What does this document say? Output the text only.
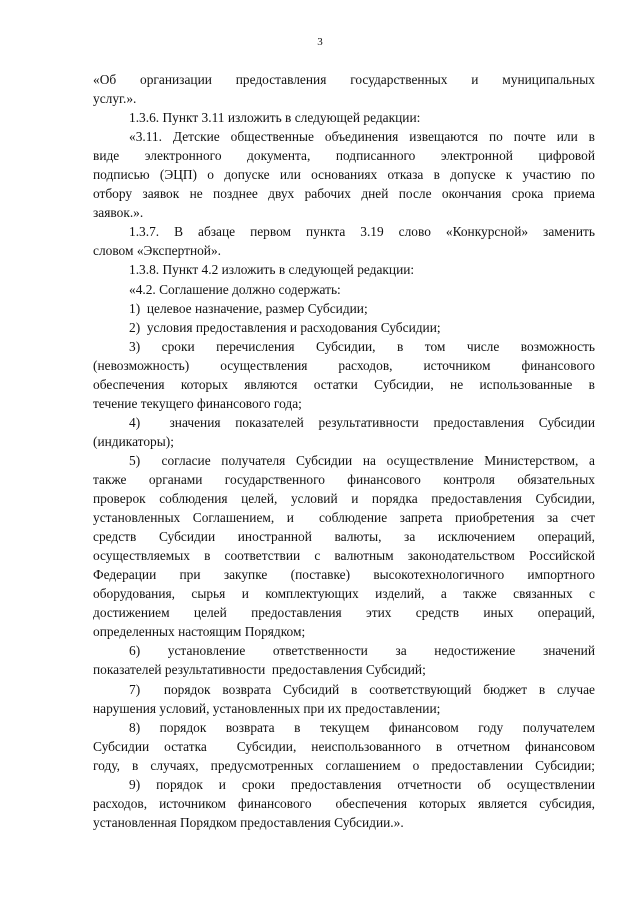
3
«Об организации предоставления государственных и муниципальных
услуг.».
1.3.6. Пункт 3.11 изложить в следующей редакции:
«3.11. Детские общественные объединения извещаются по почте или в
виде электронного документа, подписанного электронной цифровой
подписью (ЭЦП) о допуске или основаниях отказа в допуске к участию по
отбору заявок не позднее двух рабочих дней после окончания срока приема
заявок.».
1.3.7. В абзаце первом пункта 3.19 слово «Конкурсной» заменить
словом «Экспертной».
1.3.8. Пункт 4.2 изложить в следующей редакции:
«4.2. Соглашение должно содержать:
1)  целевое назначение, размер Субсидии;
2)  условия предоставления и расходования Субсидии;
3) сроки перечисления Субсидии, в том числе возможность
(невозможность) осуществления расходов, источником финансового
обеспечения которых являются остатки Субсидии, не использованные в
течение текущего финансового года;
4)  значения показателей результативности предоставления Субсидии
(индикаторы);
5)  согласие получателя Субсидии на осуществление Министерством, а
также органами государственного финансового контроля обязательных
проверок соблюдения целей, условий и порядка предоставления Субсидии,
установленных Соглашением, и  соблюдение запрета приобретения за счет
средств Субсидии иностранной валюты, за исключением операций,
осуществляемых в соответствии с валютным законодательством Российской
Федерации при закупке (поставке) высокотехнологичного импортного
оборудования, сырья и комплектующих изделий, а также связанных с
достижением целей предоставления этих средств иных операций,
определенных настоящим Порядком;
6) установление ответственности за недостижение значений
показателей результативности  предоставления Субсидий;
7)  порядок возврата Субсидий в соответствующий бюджет в случае
нарушения условий, установленных при их предоставлении;
8) порядок возврата в текущем финансовом году получателем
Субсидии остатка  Субсидии, неиспользованного в отчетном финансовом
году, в случаях, предусмотренных соглашением о предоставлении Субсидии;
9) порядок и сроки предоставления отчетности об осуществлении
расходов, источником финансового  обеспечения которых является субсидия,
установленная Порядком предоставления Субсидии.».
